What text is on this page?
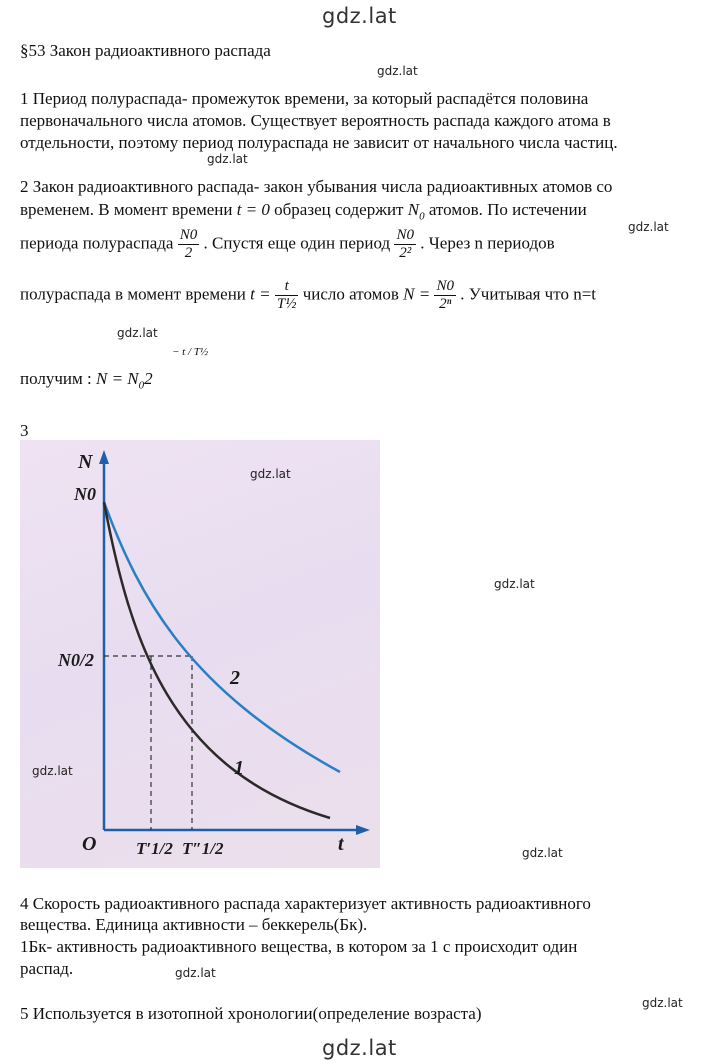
gdz.lat
gdz.lat
gdz.lat
gdz.lat
gdz.lat
gdz.lat
gdz.lat
gdz.lat
gdz.lat
gdz.lat
§53 Закон радиоактивного распада
1 Период полураспада- промежуток времени, за который распадётся половина
первоначального числа атомов. Существует вероятность распада каждого атома в
отдельности, поэтому период полураспада не зависит от начального числа частиц.
2 Закон радиоактивного распада- закон убывания числа радиоактивных атомов со
временем. В момент времени t = 0 образец содержит $N_0$ атомов. По истечении
периода полураспада $\frac{N0}{2}$ . Спустя еще один период $\frac{N0}{\text{2²}}$ . Через n периодов
полураспада в момент времени $t = \frac{t}{\text{T½}}$ число атомов $N = \frac{N0}{\text{2ⁿ}}$ . Учитывая что n=t
получим : $N = N_02$
− t / T½
3
N
N0
N0/2
O	t
2
1
T′1/2 T″1/2
gdz.lat
gdz.lat
4 Скорость радиоактивного распада характеризует активность радиоактивного
вещества. Единица активности – беккерель(Бк).
1Бк- активность радиоактивного вещества, в котором за 1 с происходит один
распад.
5 Используется в изотопной хронологии(определение возраста)
